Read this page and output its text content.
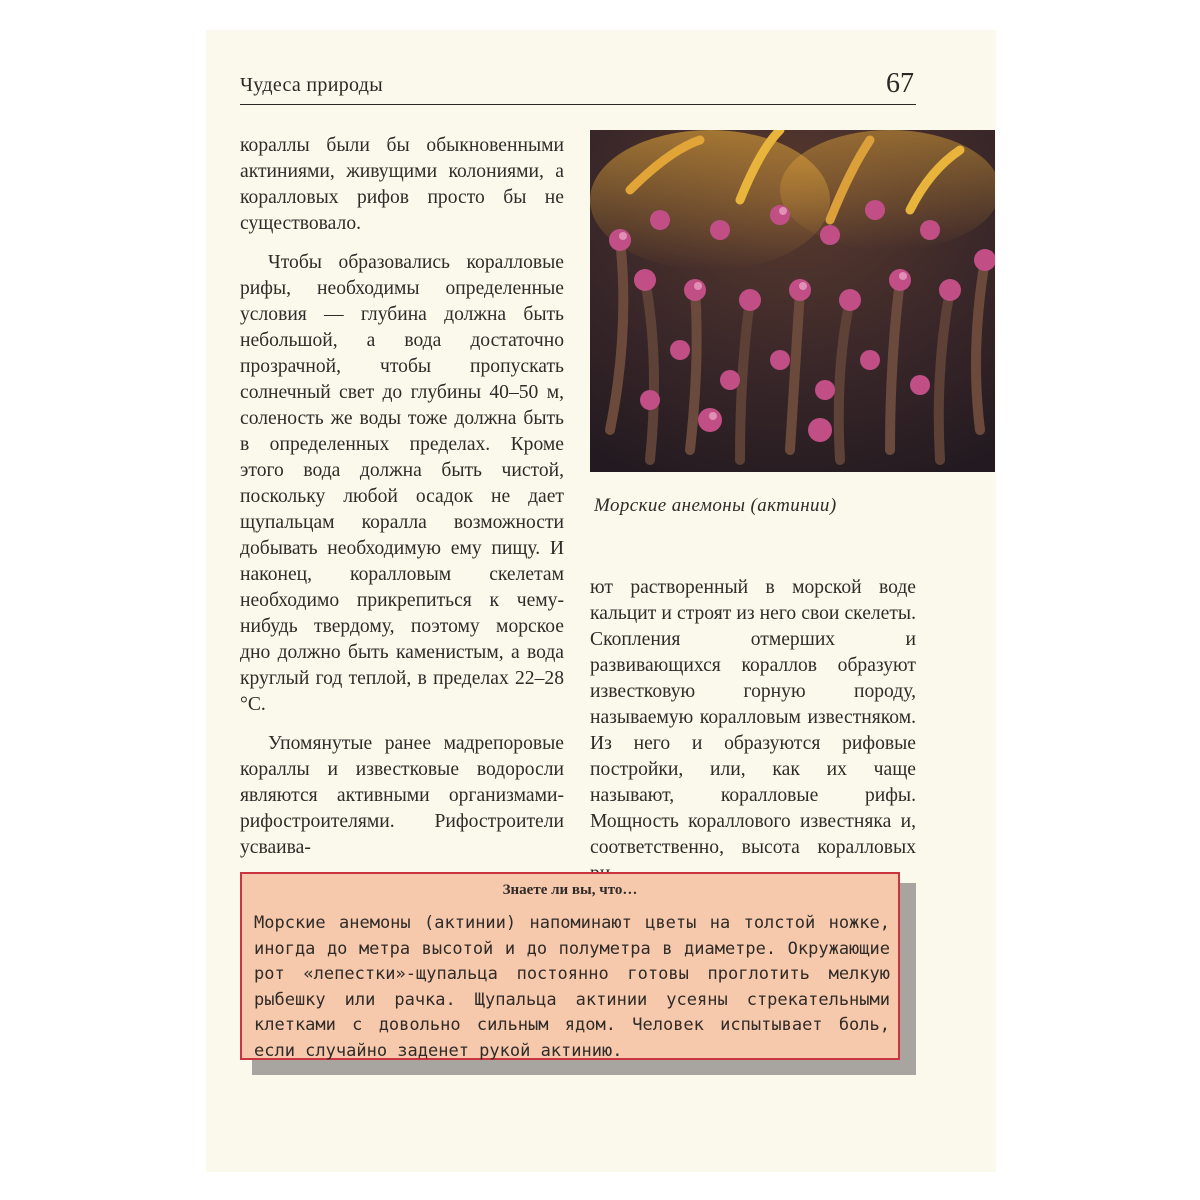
Чудеса природы	67

кораллы были бы обыкновенными актиниями, живущими колониями, а коралловых рифов просто бы не существовало.

Чтобы образовались коралловые рифы, необходимы определенные условия — глубина должна быть небольшой, а вода достаточно прозрачной, чтобы пропускать солнечный свет до глубины 40–50 м, соленость же воды тоже должна быть в определенных пределах. Кроме этого вода должна быть чистой, поскольку любой осадок не дает щупальцам коралла возможности добывать необходимую ему пищу. И наконец, коралловым скелетам необходимо прикрепиться к чему-нибудь твердому, поэтому морское дно должно быть каменистым, а вода круглый год теплой, в пределах 22–28 °С.

Упомянутые ранее мадрепоровые кораллы и известковые водоросли являются активными организмами-рифостроителями. Рифостроители усваива-

Морские анемоны (актинии)

ют растворенный в морской воде кальцит и строят из него свои скелеты. Скопления отмерших и развивающихся кораллов образуют известковую горную породу, называемую коралловым известняком. Из него и образуются рифовые постройки, или, как их чаще называют, коралловые рифы. Мощность кораллового известняка и, соответственно, высота коралловых

Знаете ли вы, что…

Морские анемоны (актинии) напоминают цветы на толстой ножке, иногда до метра высотой и до полуметра в диаметре. Окружающие рот «лепестки»-щупальца постоянно готовы проглотить мелкую рыбешку или рачка. Щупальца актинии усеяны стрекательными клетками с довольно сильным ядом. Человек испытывает боль, если случайно заденет рукой актинию.
